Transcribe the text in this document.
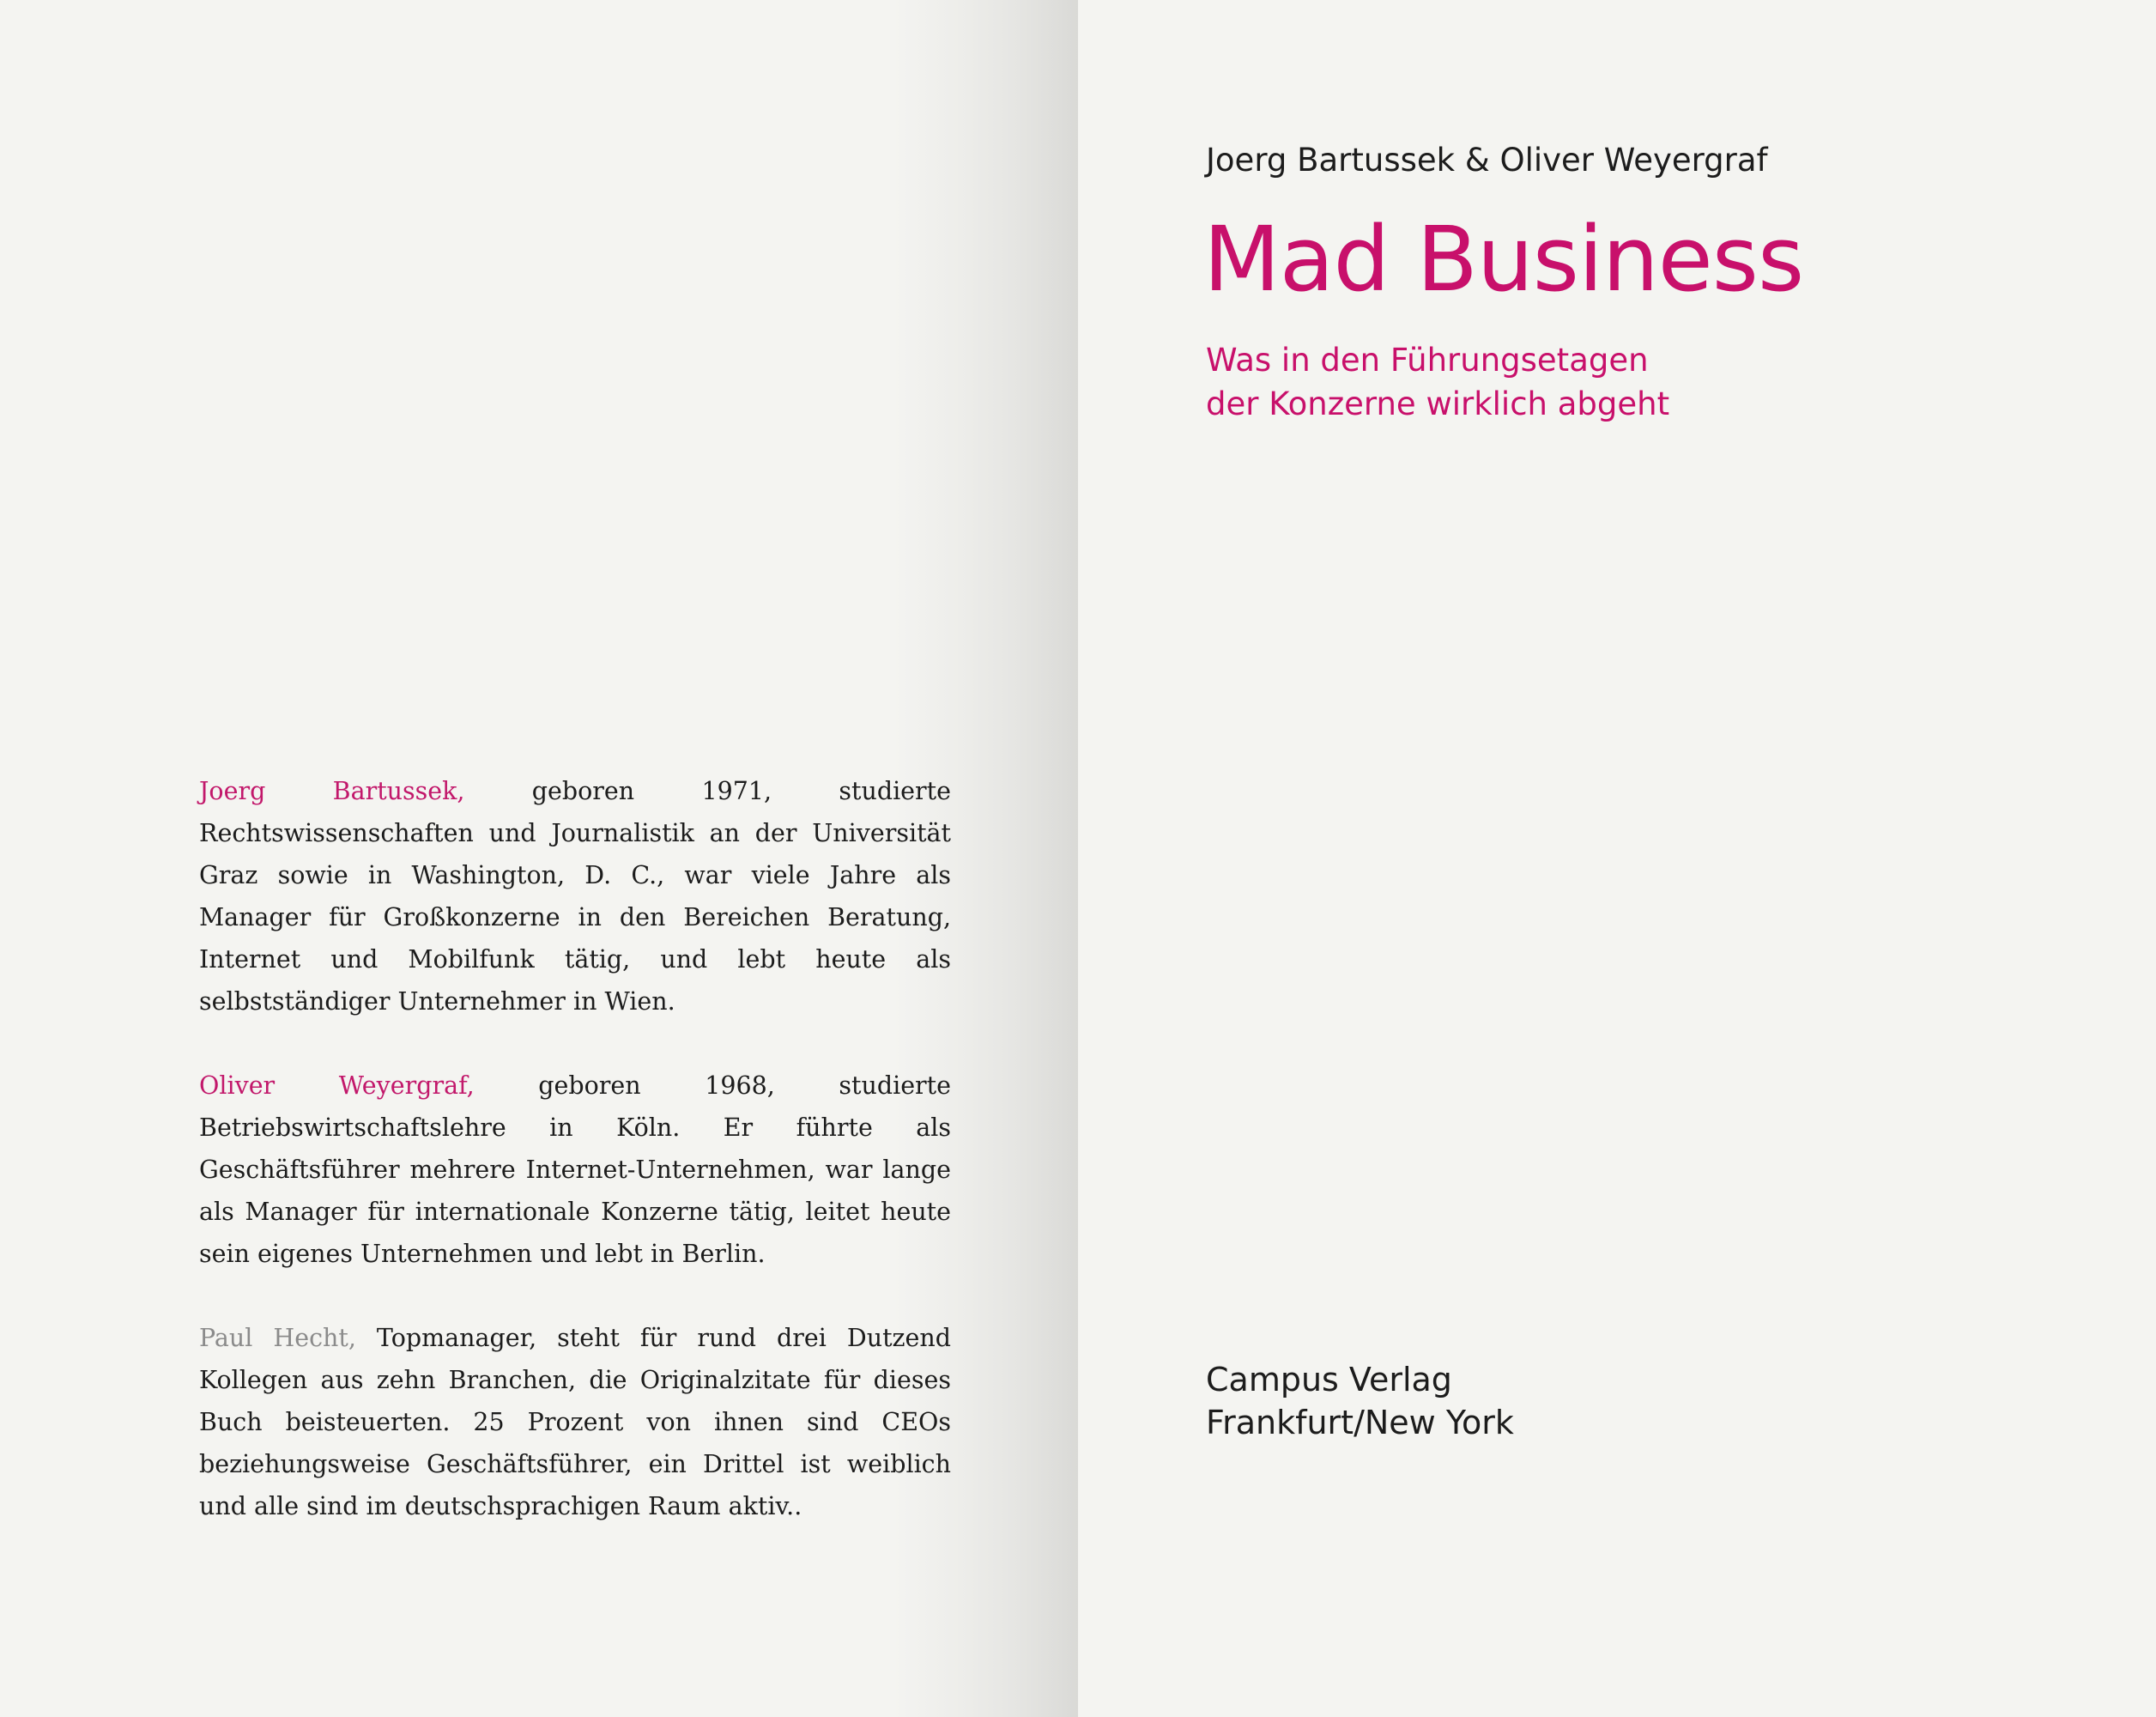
Joerg Bartussek, geboren 1971, studierte Rechtswissenschaften und Journalistik an der Universität Graz sowie in Washington, D. C., war viele Jahre als Manager für Großkonzerne in den Bereichen Beratung, Internet und Mobilfunk tätig, und lebt heute als selbstständiger Unternehmer in Wien.

Oliver Weyergraf, geboren 1968, studierte Betriebswirtschaftslehre in Köln. Er führte als Geschäftsführer mehrere Internet-Unternehmen, war lange als Manager für internationale Konzerne tätig, leitet heute sein eigenes Unternehmen und lebt in Berlin.

Paul Hecht, Topmanager, steht für rund drei Dutzend Kollegen aus zehn Branchen, die Originalzitate für dieses Buch beisteuerten. 25 Prozent von ihnen sind CEOs beziehungsweise Geschäftsführer, ein Drittel ist weiblich und alle sind im deutschsprachigen Raum aktiv..

Joerg Bartussek & Oliver Weyergraf
Mad Business
Was in den Führungsetagen
der Konzerne wirklich abgeht
Campus Verlag
Frankfurt/New York
